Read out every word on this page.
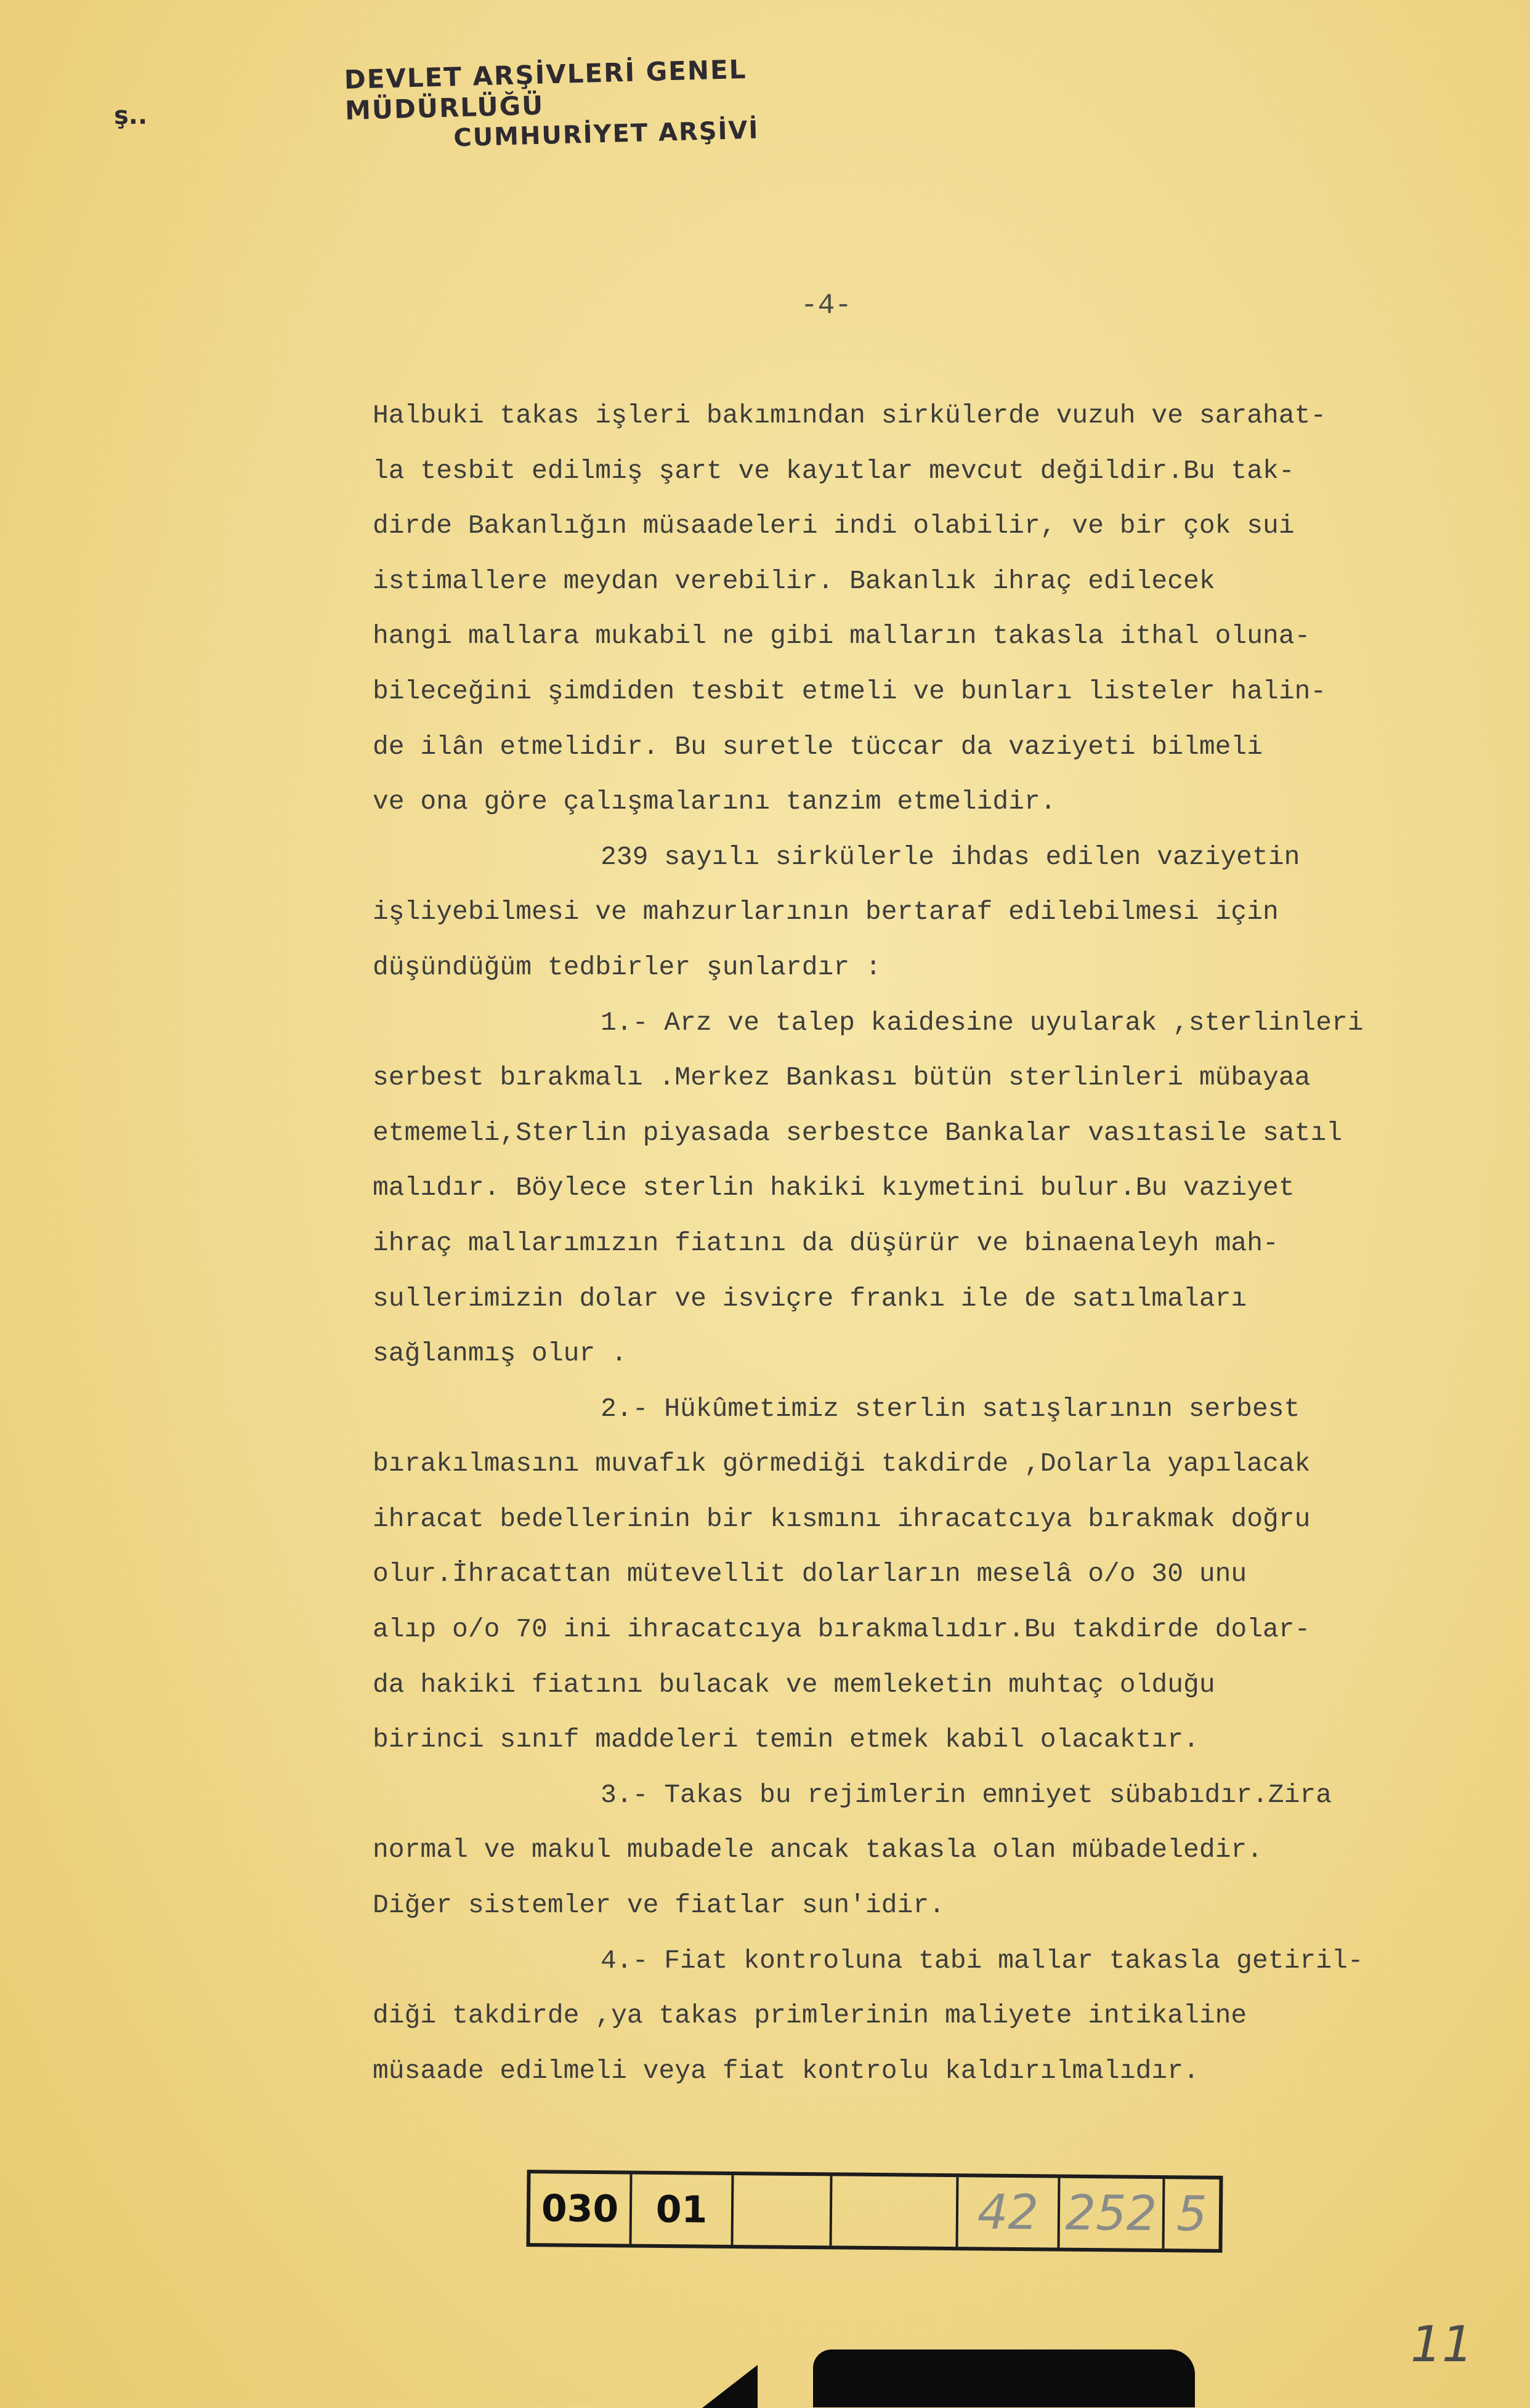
ş..
DEVLET ARŞİVLERİ GENEL MÜDÜRLÜĞÜ
CUMHURİYET ARŞİVİ
-4-
Halbuki takas işleri bakımından sirkülerde vuzuh ve sarahat-
la tesbit edilmiş şart ve kayıtlar mevcut değildir.Bu tak-
dirde Bakanlığın müsaadeleri indi olabilir, ve bir çok sui
istimallere meydan verebilir. Bakanlık ihraç edilecek
hangi mallara mukabil ne gibi malların takasla ithal oluna-
bileceğini şimdiden tesbit etmeli ve bunları listeler halin-
de ilân etmelidir. Bu suretle tüccar da vaziyeti bilmeli
ve ona göre çalışmalarını tanzim etmelidir.
239 sayılı sirkülerle ihdas edilen vaziyetin
işliyebilmesi ve mahzurlarının bertaraf edilebilmesi için
düşündüğüm tedbirler şunlardır :
1.- Arz ve talep kaidesine uyularak ,sterlinleri
serbest bırakmalı .Merkez Bankası bütün sterlinleri mübayaa
etmemeli,Sterlin piyasada serbestce Bankalar vasıtasile satıl
malıdır. Böylece sterlin hakiki kıymetini bulur.Bu vaziyet
ihraç mallarımızın fiatını da düşürür ve binaenaleyh mah-
sullerimizin dolar ve isviçre frankı ile de satılmaları
sağlanmış olur .
2.- Hükûmetimiz sterlin satışlarının serbest
bırakılmasını muvafık görmediği takdirde ,Dolarla yapılacak
ihracat bedellerinin bir kısmını ihracatcıya bırakmak doğru
olur.İhracattan mütevellit dolarların meselâ o/o 30 unu
alıp o/o 70 ini ihracatcıya bırakmalıdır.Bu takdirde dolar-
da hakiki fiatını bulacak ve memleketin muhtaç olduğu
birinci sınıf maddeleri temin etmek kabil olacaktır.
3.- Takas bu rejimlerin emniyet sübabıdır.Zira
normal ve makul mubadele ancak takasla olan mübadeledir.
Diğer sistemler ve fiatlar sun'idir.
4.- Fiat kontroluna tabi mallar takasla getiril-
diği takdirde ,ya takas primlerinin maliyete intikaline
müsaade edilmeli veya fiat kontrolu kaldırılmalıdır.
030	01	42 252 5
11
